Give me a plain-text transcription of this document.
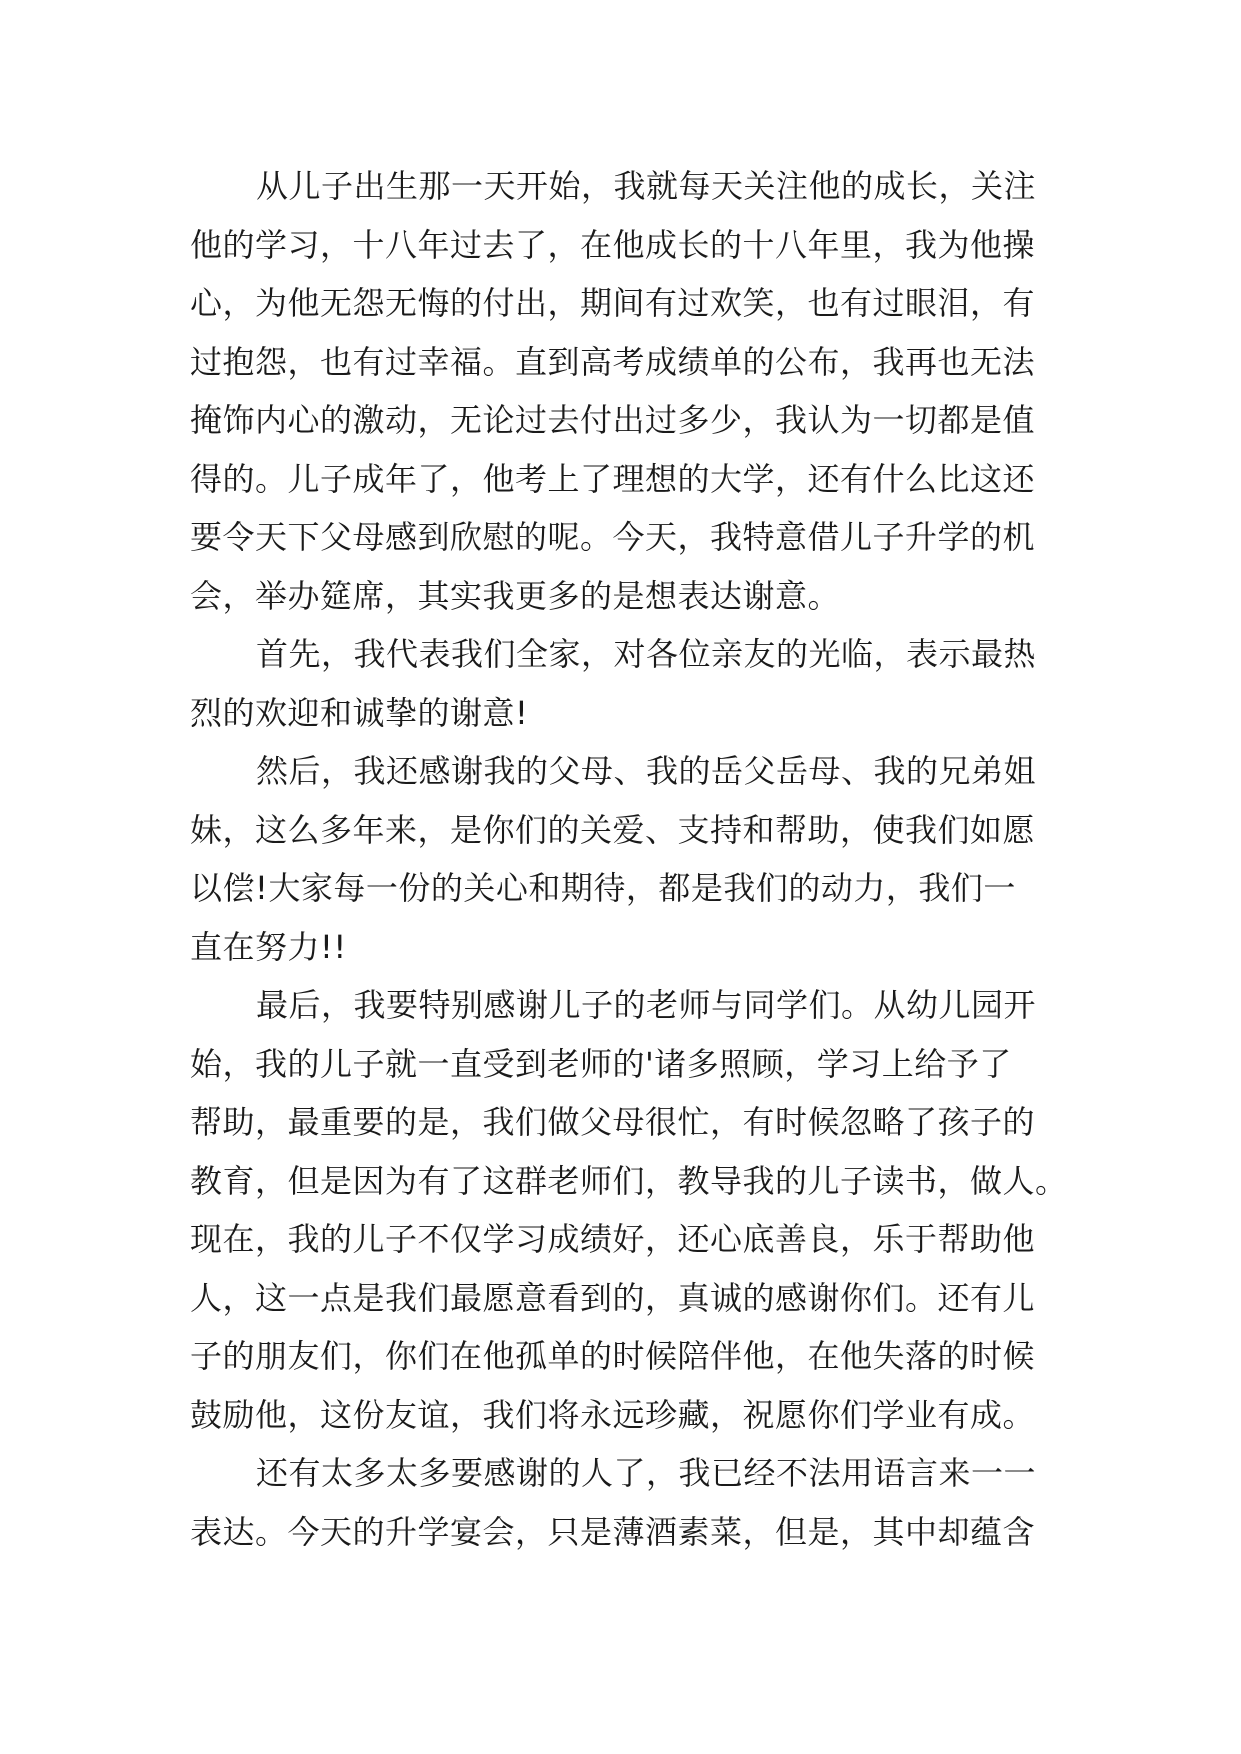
从儿子出生那一天开始，我就每天关注他的成长，关注
他的学习，十八年过去了，在他成长的十八年里，我为他操
心，为他无怨无悔的付出，期间有过欢笑，也有过眼泪，有
过抱怨，也有过幸福。直到高考成绩单的公布，我再也无法
掩饰内心的激动，无论过去付出过多少，我认为一切都是值
得的。儿子成年了，他考上了理想的大学，还有什么比这还
要令天下父母感到欣慰的呢。今天，我特意借儿子升学的机
会，举办筵席，其实我更多的是想表达谢意。
首先，我代表我们全家，对各位亲友的光临，表示最热
烈的欢迎和诚挚的谢意!
然后，我还感谢我的父母、我的岳父岳母、我的兄弟姐
妹，这么多年来，是你们的关爱、支持和帮助，使我们如愿
以偿!大家每一份的关心和期待，都是我们的动力，我们一
直在努力!!
最后，我要特别感谢儿子的老师与同学们。从幼儿园开
始，我的儿子就一直受到老师的'诸多照顾，学习上给予了
帮助，最重要的是，我们做父母很忙，有时候忽略了孩子的
教育，但是因为有了这群老师们，教导我的儿子读书，做人。
现在，我的儿子不仅学习成绩好，还心底善良，乐于帮助他
人，这一点是我们最愿意看到的，真诚的感谢你们。还有儿
子的朋友们，你们在他孤单的时候陪伴他，在他失落的时候
鼓励他，这份友谊，我们将永远珍藏，祝愿你们学业有成。
还有太多太多要感谢的人了，我已经不法用语言来一一
表达。今天的升学宴会，只是薄酒素菜，但是，其中却蕴含
